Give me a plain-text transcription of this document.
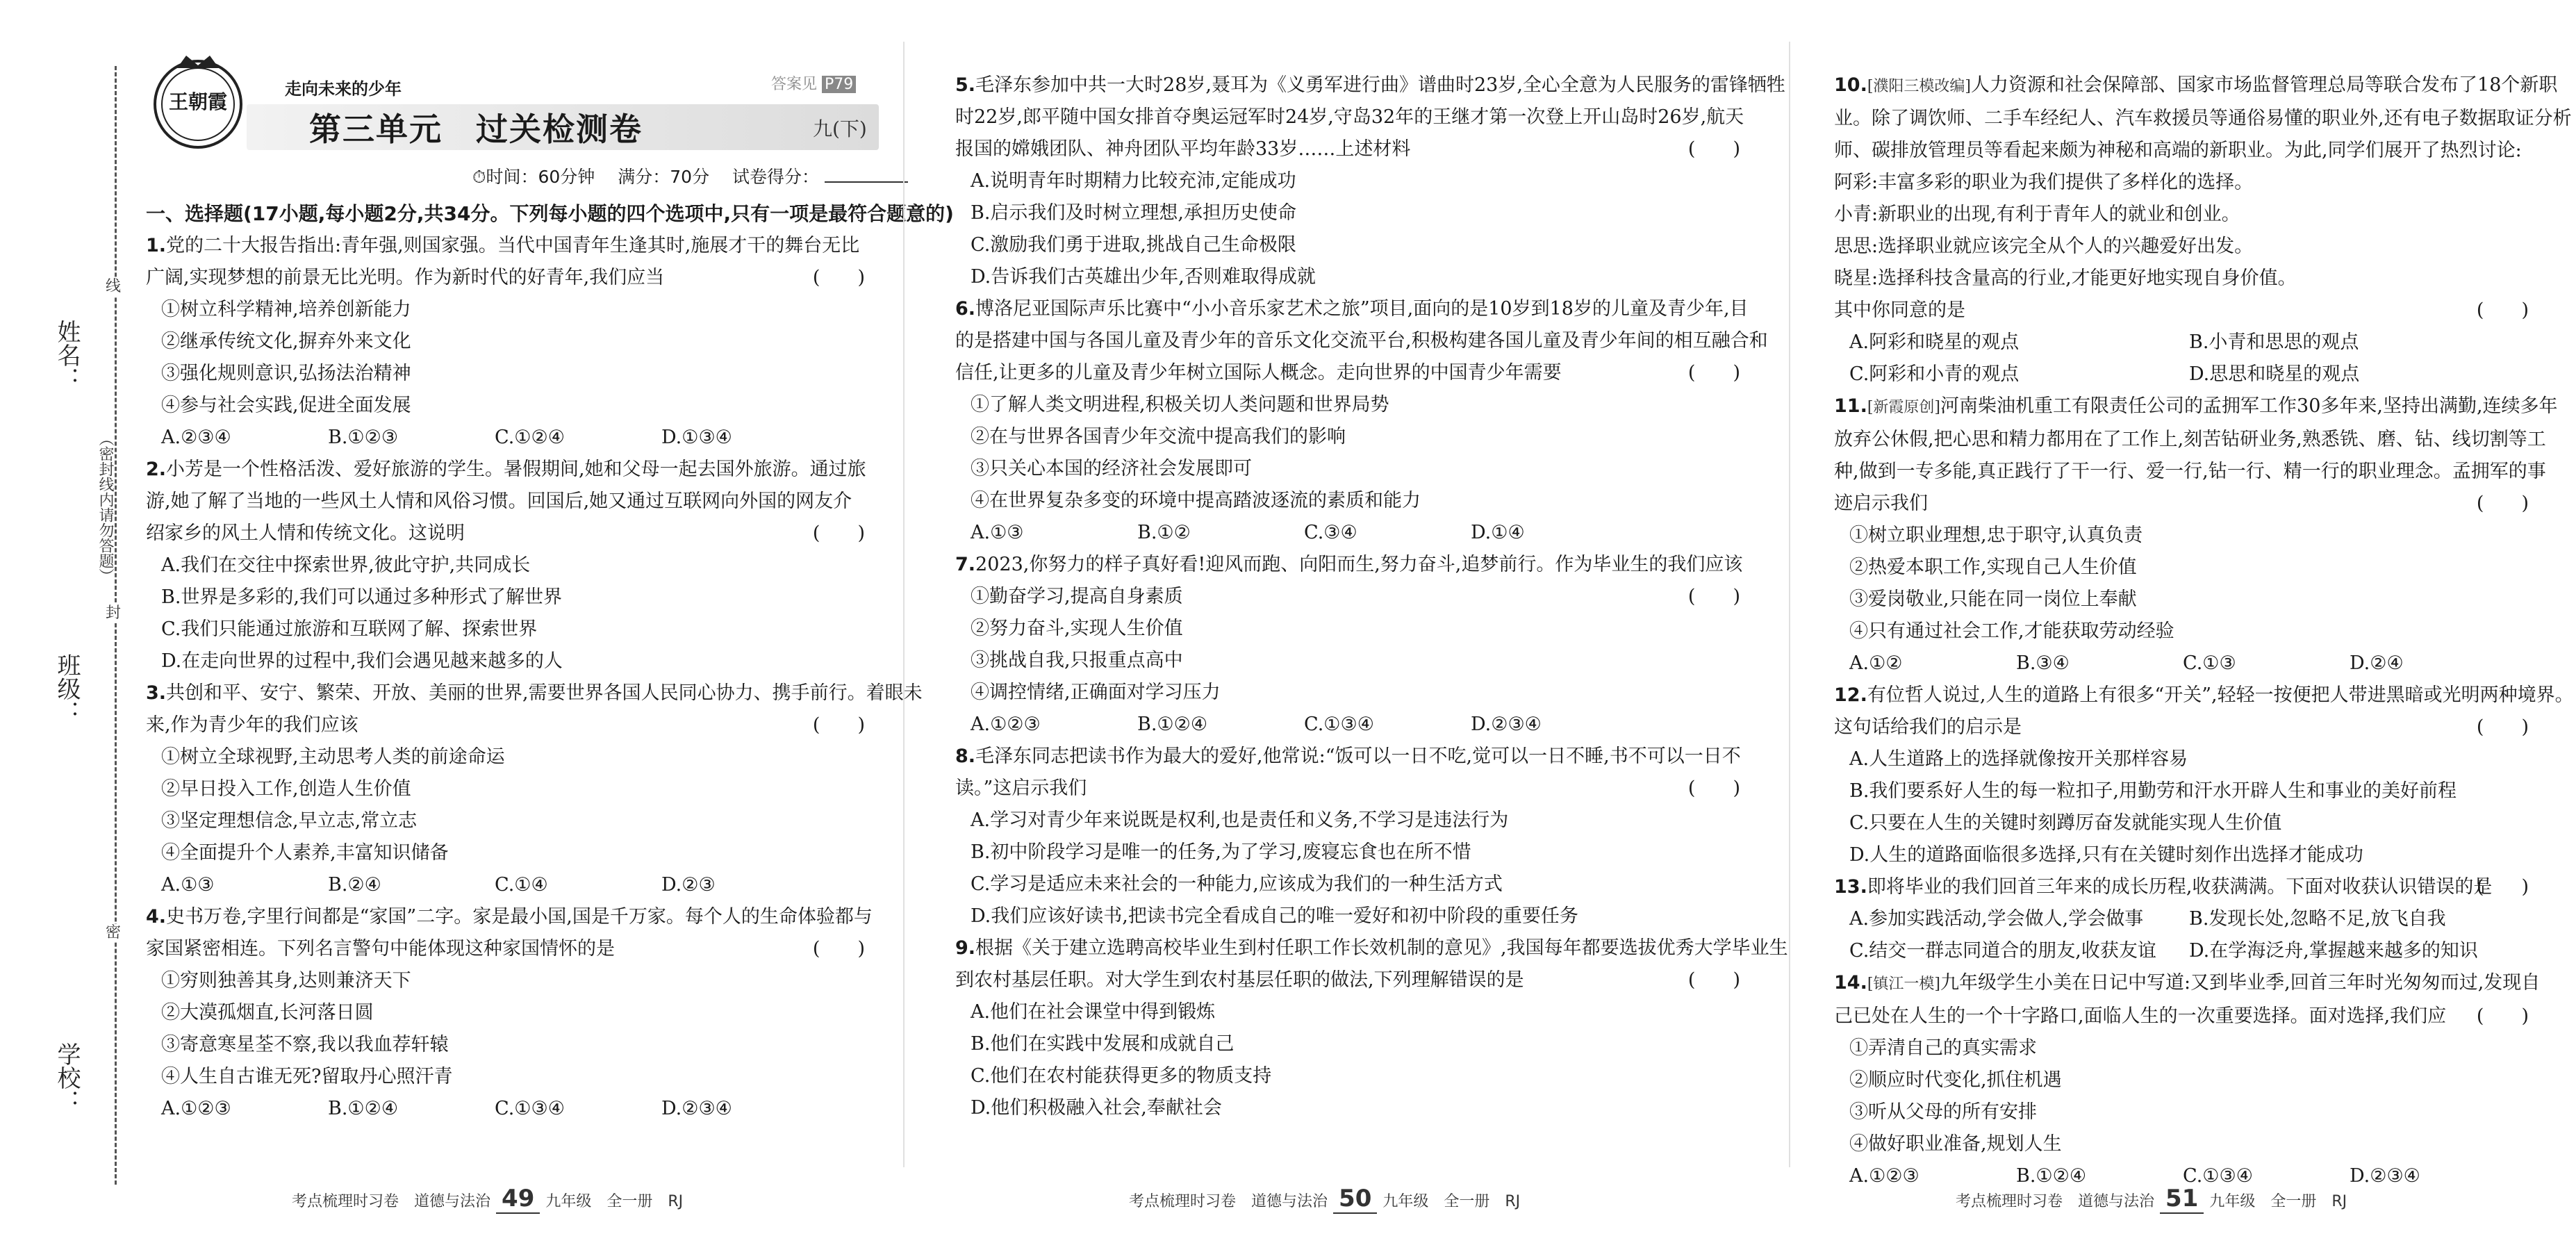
姓名：
班级：
学校：
（密封线内请勿答题）
线
封
密
王朝霞
走向未来的少年	答案见 P79
第三单元　过关检测卷	九(下)
⏱时间：60分钟　 满分：70分　 试卷得分：
一、选择题(17小题,每小题2分,共34分。下列每小题的四个选项中,只有一项是最符合题意的)
1.党的二十大报告指出:青年强,则国家强。当代中国青年生逢其时,施展才干的舞台无比
广阔,实现梦想的前景无比光明。作为新时代的好青年,我们应当	(　　)
①树立科学精神,培养创新能力
②继承传统文化,摒弃外来文化
③强化规则意识,弘扬法治精神
④参与社会实践,促进全面发展
A.②③④	B.①②③	C.①②④	D.①③④
2.小芳是一个性格活泼、爱好旅游的学生。暑假期间,她和父母一起去国外旅游。通过旅
游,她了解了当地的一些风土人情和风俗习惯。回国后,她又通过互联网向外国的网友介
绍家乡的风土人情和传统文化。这说明	(　　)
A.我们在交往中探索世界,彼此守护,共同成长
B.世界是多彩的,我们可以通过多种形式了解世界
C.我们只能通过旅游和互联网了解、探索世界
D.在走向世界的过程中,我们会遇见越来越多的人
3.共创和平、安宁、繁荣、开放、美丽的世界,需要世界各国人民同心协力、携手前行。着眼未
来,作为青少年的我们应该	(　　)
①树立全球视野,主动思考人类的前途命运
②早日投入工作,创造人生价值
③坚定理想信念,早立志,常立志
④全面提升个人素养,丰富知识储备
A.①③	B.②④	C.①④	D.②③
4.史书万卷,字里行间都是“家国”二字。家是最小国,国是千万家。每个人的生命体验都与
家国紧密相连。下列名言警句中能体现这种家国情怀的是	(　　)
①穷则独善其身,达则兼济天下
②大漠孤烟直,长河落日圆
③寄意寒星荃不察,我以我血荐轩辕
④人生自古谁无死?留取丹心照汗青
A.①②③	B.①②④	C.①③④	D.②③④
5.毛泽东参加中共一大时28岁,聂耳为《义勇军进行曲》谱曲时23岁,全心全意为人民服务的雷锋牺牲
时22岁,郎平随中国女排首夺奥运冠军时24岁,守岛32年的王继才第一次登上开山岛时26岁,航天
报国的嫦娥团队、神舟团队平均年龄33岁……上述材料	(　　)
A.说明青年时期精力比较充沛,定能成功
B.启示我们及时树立理想,承担历史使命
C.激励我们勇于进取,挑战自己生命极限
D.告诉我们古英雄出少年,否则难取得成就
6.博洛尼亚国际声乐比赛中“小小音乐家艺术之旅”项目,面向的是10岁到18岁的儿童及青少年,目
的是搭建中国与各国儿童及青少年的音乐文化交流平台,积极构建各国儿童及青少年间的相互融合和
信任,让更多的儿童及青少年树立国际人概念。走向世界的中国青少年需要	(　　)
①了解人类文明进程,积极关切人类问题和世界局势
②在与世界各国青少年交流中提高我们的影响
③只关心本国的经济社会发展即可
④在世界复杂多变的环境中提高踏波逐流的素质和能力
A.①③	B.①②	C.③④	D.①④
7.2023,你努力的样子真好看!迎风而跑、向阳而生,努力奋斗,追梦前行。作为毕业生的我们应该
(　　)
①勤奋学习,提高自身素质
②努力奋斗,实现人生价值
③挑战自我,只报重点高中
④调控情绪,正确面对学习压力
A.①②③	B.①②④	C.①③④	D.②③④
8.毛泽东同志把读书作为最大的爱好,他常说:“饭可以一日不吃,觉可以一日不睡,书不可以一日不
读。”这启示我们	(　　)
A.学习对青少年来说既是权利,也是责任和义务,不学习是违法行为
B.初中阶段学习是唯一的任务,为了学习,废寝忘食也在所不惜
C.学习是适应未来社会的一种能力,应该成为我们的一种生活方式
D.我们应该好读书,把读书完全看成自己的唯一爱好和初中阶段的重要任务
9.根据《关于建立选聘高校毕业生到村任职工作长效机制的意见》,我国每年都要选拔优秀大学毕业生
到农村基层任职。对大学生到农村基层任职的做法,下列理解错误的是	(　　)
A.他们在社会课堂中得到锻炼
B.他们在实践中发展和成就自己
C.他们在农村能获得更多的物质支持
D.他们积极融入社会,奉献社会
10.[濮阳三模改编]人力资源和社会保障部、国家市场监督管理总局等联合发布了18个新职
业。除了调饮师、二手车经纪人、汽车救援员等通俗易懂的职业外,还有电子数据取证分析
师、碳排放管理员等看起来颇为神秘和高端的新职业。为此,同学们展开了热烈讨论:
阿彩:丰富多彩的职业为我们提供了多样化的选择。
小青:新职业的出现,有利于青年人的就业和创业。
思思:选择职业就应该完全从个人的兴趣爱好出发。
晓星:选择科技含量高的行业,才能更好地实现自身价值。
其中你同意的是	(　　)
A.阿彩和晓星的观点	B.小青和思思的观点
C.阿彩和小青的观点	D.思思和晓星的观点
11.[新霞原创]河南柴油机重工有限责任公司的孟拥军工作30多年来,坚持出满勤,连续多年
放弃公休假,把心思和精力都用在了工作上,刻苦钻研业务,熟悉铣、磨、钻、线切割等工
种,做到一专多能,真正践行了干一行、爱一行,钻一行、精一行的职业理念。孟拥军的事
迹启示我们	(　　)
①树立职业理想,忠于职守,认真负责
②热爱本职工作,实现自己人生价值
③爱岗敬业,只能在同一岗位上奉献
④只有通过社会工作,才能获取劳动经验
A.①②	B.③④	C.①③	D.②④
12.有位哲人说过,人生的道路上有很多“开关”,轻轻一按便把人带进黑暗或光明两种境界。
这句话给我们的启示是	(　　)
A.人生道路上的选择就像按开关那样容易
B.我们要系好人生的每一粒扣子,用勤劳和汗水开辟人生和事业的美好前程
C.只要在人生的关键时刻蹲厉奋发就能实现人生价值
D.人生的道路面临很多选择,只有在关键时刻作出选择才能成功
13.即将毕业的我们回首三年来的成长历程,收获满满。下面对收获认识错误的是
(　　)
A.参加实践活动,学会做人,学会做事	B.发现长处,忽略不足,放飞自我
C.结交一群志同道合的朋友,收获友谊	D.在学海泛舟,掌握越来越多的知识
14.[镇江一模]九年级学生小美在日记中写道:又到毕业季,回首三年时光匆匆而过,发现自
己已处在人生的一个十字路口,面临人生的一次重要选择。面对选择,我们应 (　　)
①弄清自己的真实需求
②顺应时代变化,抓住机遇
③听从父母的所有安排
④做好职业准备,规划人生
A.①②③	B.①②④	C.①③④	D.②③④
考点梳理时习卷　 道德与法治 49 九年级　全一册　RJ	考点梳理时习卷　 道德与法治 50 九年级　全一册　RJ	考点梳理时习卷　 道德与法治 51 九年级　全一册　RJ
